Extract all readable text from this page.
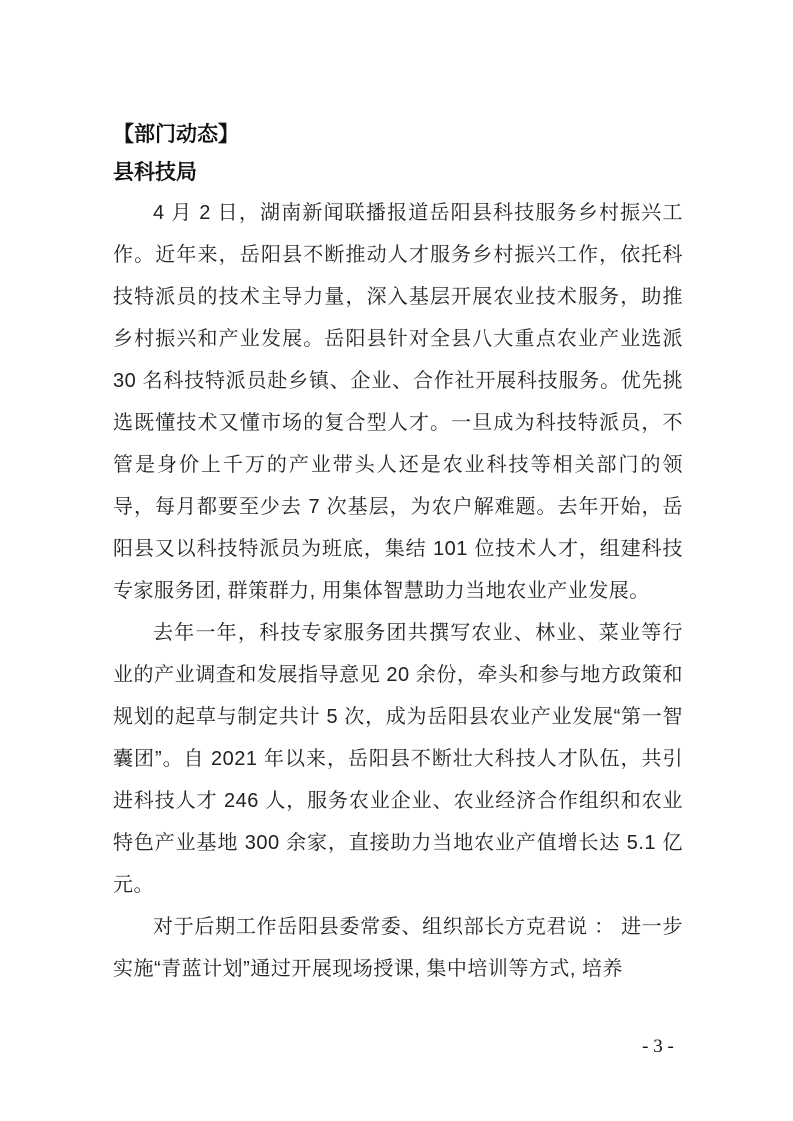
【部门动态】
县科技局

4 月 2 日，湖南新闻联播报道岳阳县科技服务乡村振兴工作。近年来，岳阳县不断推动人才服务乡村振兴工作，依托科技特派员的技术主导力量，深入基层开展农业技术服务，助推乡村振兴和产业发展。岳阳县针对全县八大重点农业产业选派 30 名科技特派员赴乡镇、企业、合作社开展科技服务。优先挑选既懂技术又懂市场的复合型人才。一旦成为科技特派员，不管是身价上千万的产业带头人还是农业科技等相关部门的领导，每月都要至少去 7 次基层，为农户解难题。去年开始，岳阳县又以科技特派员为班底，集结 101 位技术人才，组建科技专家服务团, 群策群力, 用集体智慧助力当地农业产业发展。

去年一年，科技专家服务团共撰写农业、林业、菜业等行业的产业调查和发展指导意见 20 余份，牵头和参与地方政策和规划的起草与制定共计 5 次，成为岳阳县农业产业发展“第一智囊团”。自 2021 年以来，岳阳县不断壮大科技人才队伍，共引进科技人才 246 人，服务农业企业、农业经济合作组织和农业特色产业基地 300 余家，直接助力当地农业产值增长达 5.1 亿元。

对于后期工作岳阳县委常委、组织部长方克君说 ： 进一步实施“青蓝计划”通过开展现场授课, 集中培训等方式, 培养

- 3 -
